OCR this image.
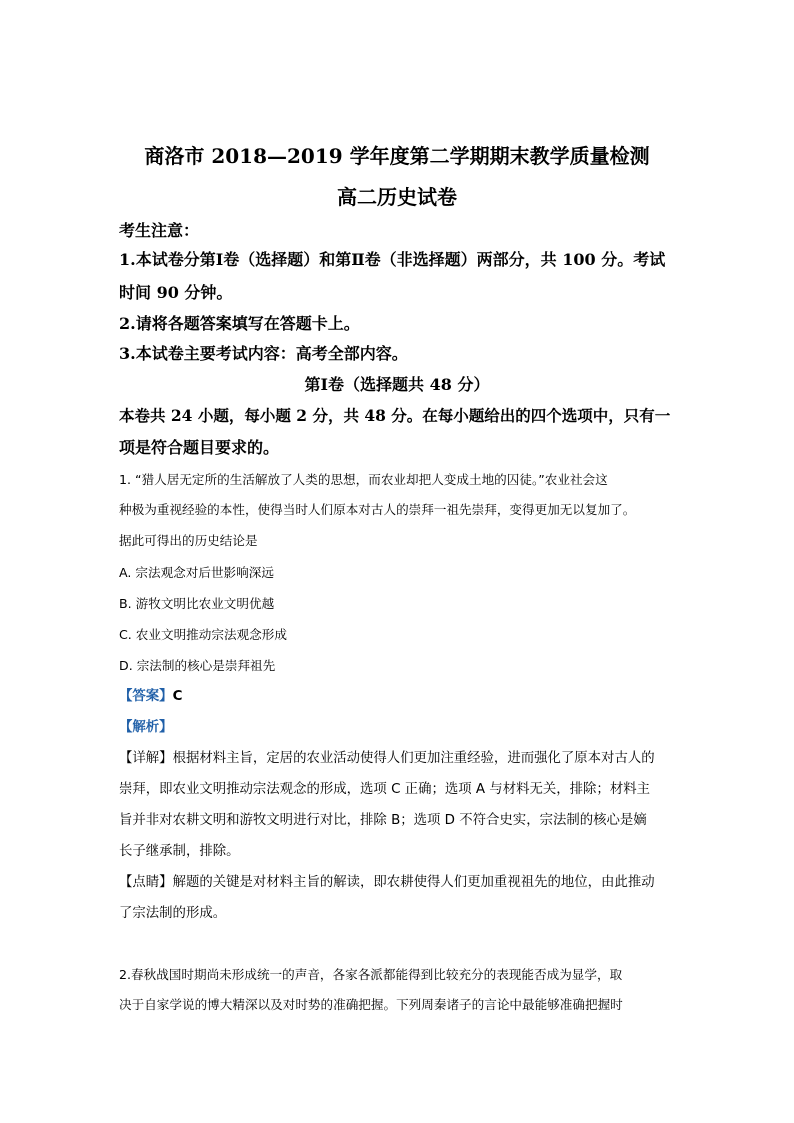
商洛市 2018—2019 学年度第二学期期末教学质量检测
高二历史试卷
考生注意：
1.本试卷分第Ⅰ卷（选择题）和第Ⅱ卷（非选择题）两部分，共 100 分。考试
时间 90 分钟。
2.请将各题答案填写在答题卡上。
3.本试卷主要考试内容：高考全部内容。
第Ⅰ卷（选择题共 48 分）
本卷共 24 小题，每小题 2 分，共 48 分。在每小题给出的四个选项中，只有一
项是符合题目要求的。
1. “猎人居无定所的生活解放了人类的思想，而农业却把人变成土地的囚徒。”农业社会这
种极为重视经验的本性，使得当时人们原本对古人的崇拜一祖先崇拜，变得更加无以复加了。
据此可得出的历史结论是
A. 宗法观念对后世影响深远
B. 游牧文明比农业文明优越
C. 农业文明推动宗法观念形成
D. 宗法制的核心是崇拜祖先
【答案】C
【解析】
【详解】根据材料主旨，定居的农业活动使得人们更加注重经验，进而强化了原本对古人的
崇拜，即农业文明推动宗法观念的形成，选项 C 正确；选项 A 与材料无关，排除；材料主
旨并非对农耕文明和游牧文明进行对比，排除 B；选项 D 不符合史实，宗法制的核心是嫡
长子继承制，排除。
【点睛】解题的关键是对材料主旨的解读，即农耕使得人们更加重视祖先的地位，由此推动
了宗法制的形成。
2.春秋战国时期尚未形成统一的声音，各家各派都能得到比较充分的表现能否成为显学，取
决于自家学说的博大精深以及对时势的准确把握。下列周秦诸子的言论中最能够准确把握时
